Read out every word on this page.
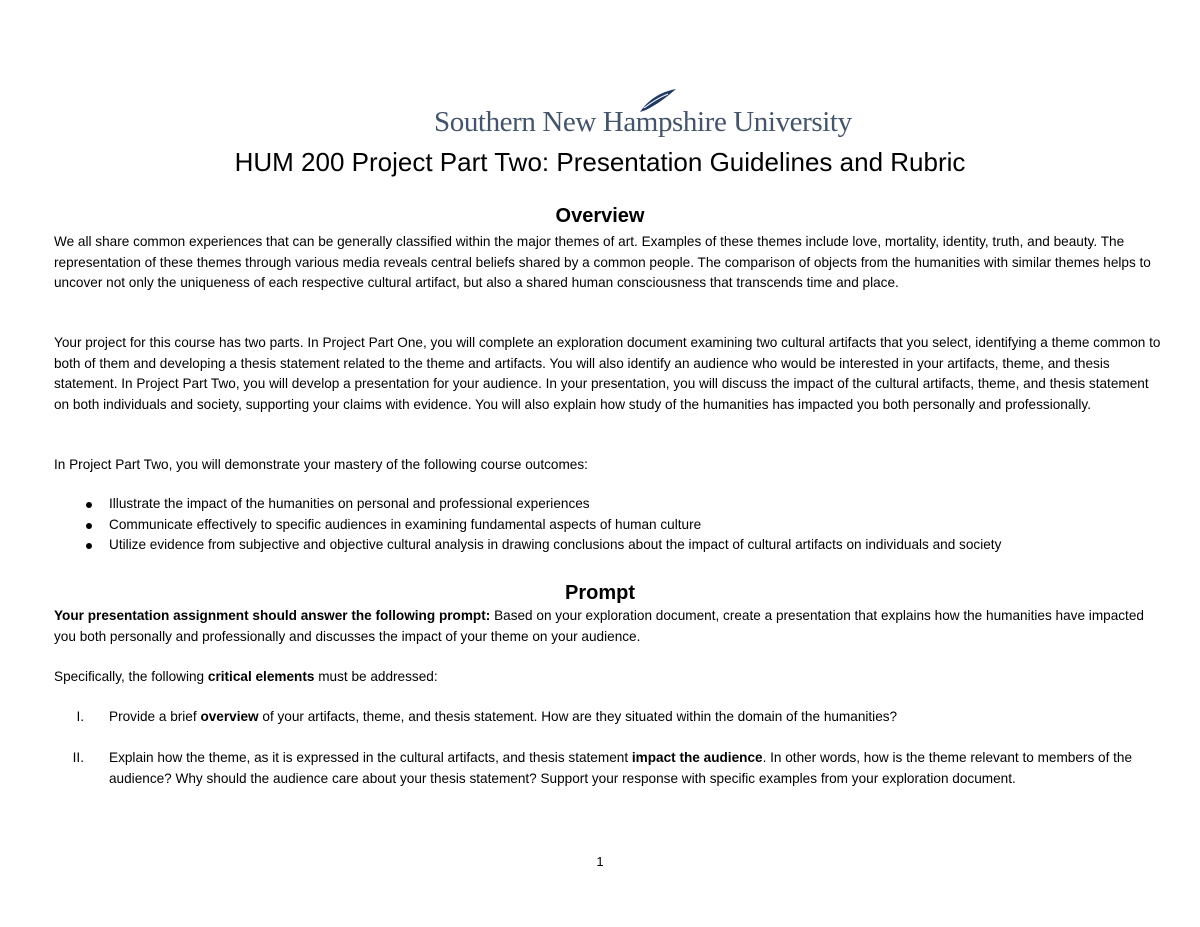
Southern New Hampshire University
HUM 200 Project Part Two: Presentation Guidelines and Rubric
Overview
We all share common experiences that can be generally classified within the major themes of art. Examples of these themes include love, mortality, identity, truth, and beauty. The representation of these themes through various media reveals central beliefs shared by a common people. The comparison of objects from the humanities with similar themes helps to uncover not only the uniqueness of each respective cultural artifact, but also a shared human consciousness that transcends time and place.
Your project for this course has two parts. In Project Part One, you will complete an exploration document examining two cultural artifacts that you select, identifying a theme common to both of them and developing a thesis statement related to the theme and artifacts. You will also identify an audience who would be interested in your artifacts, theme, and thesis statement. In Project Part Two, you will develop a presentation for your audience. In your presentation, you will discuss the impact of the cultural artifacts, theme, and thesis statement on both individuals and society, supporting your claims with evidence. You will also explain how study of the humanities has impacted you both personally and professionally.
In Project Part Two, you will demonstrate your mastery of the following course outcomes:
Illustrate the impact of the humanities on personal and professional experiences
Communicate effectively to specific audiences in examining fundamental aspects of human culture
Utilize evidence from subjective and objective cultural analysis in drawing conclusions about the impact of cultural artifacts on individuals and society
Prompt
Your presentation assignment should answer the following prompt: Based on your exploration document, create a presentation that explains how the humanities have impacted you both personally and professionally and discusses the impact of your theme on your audience.
Specifically, the following critical elements must be addressed:
I. Provide a brief overview of your artifacts, theme, and thesis statement. How are they situated within the domain of the humanities?
II. Explain how the theme, as it is expressed in the cultural artifacts, and thesis statement impact the audience. In other words, how is the theme relevant to members of the audience? Why should the audience care about your thesis statement? Support your response with specific examples from your exploration document.
1
